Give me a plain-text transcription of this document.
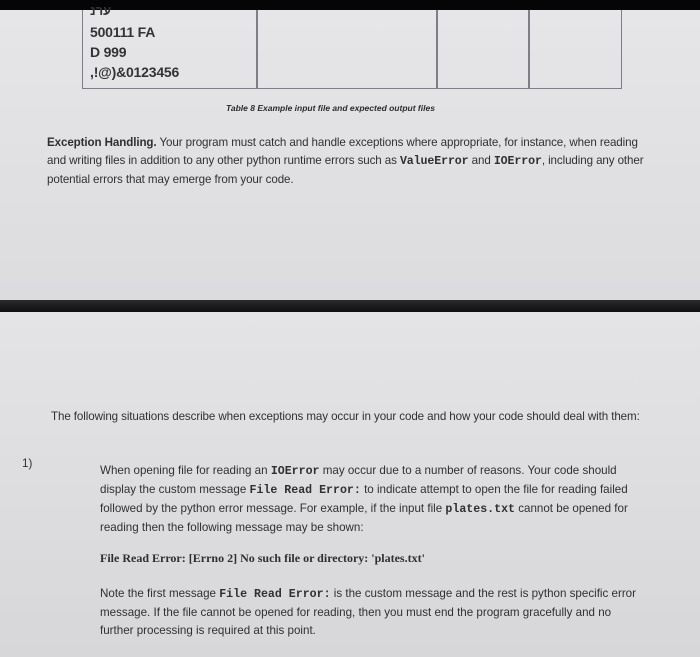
ערנ
500111 FA
D 999
,!@)&0123456
Table 8 Example input file and expected output files
Exception Handling. Your program must catch and handle exceptions where appropriate, for instance, when reading and writing files in addition to any other python runtime errors such as ValueError and IOError, including any other potential errors that may emerge from your code.
The following situations describe when exceptions may occur in your code and how your code should deal with them:
1)
When opening file for reading an IOError may occur due to a number of reasons. Your code should display the custom message File Read Error: to indicate attempt to open the file for reading failed followed by the python error message. For example, if the input file plates.txt cannot be opened for reading then the following message may be shown:
File Read Error: [Errno 2] No such file or directory: 'plates.txt'
Note the first message File Read Error: is the custom message and the rest is python specific error message. If the file cannot be opened for reading, then you must end the program gracefully and no further processing is required at this point.
